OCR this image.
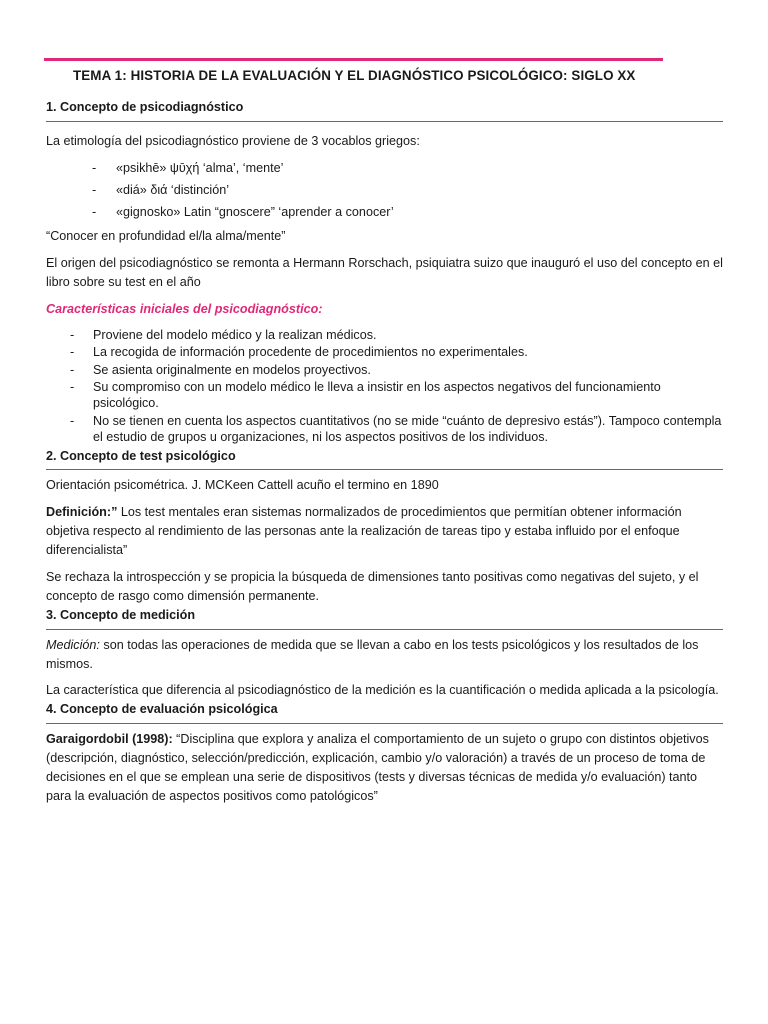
TEMA 1: HISTORIA DE LA EVALUACIÓN Y EL DIAGNÓSTICO PSICOLÓGICO: SIGLO XX
1. Concepto de psicodiagnóstico

La etimología del psicodiagnóstico proviene de 3 vocablos griegos:

- «psikhē» ψῡχή ‘alma’, ‘mente’
- «diá» διά ‘distinción’
- «gignosko» Latin “gnoscere” ‘aprender a conocer’

“Conocer en profundidad el/la alma/mente”

El origen del psicodiagnóstico se remonta a Hermann Rorschach, psiquiatra suizo que inauguró el uso del concepto en el libro sobre su test en el año

Características iniciales del psicodiagnóstico:

- Proviene del modelo médico y la realizan médicos.
- La recogida de información procedente de procedimientos no experimentales.
- Se asienta originalmente en modelos proyectivos.
- Su compromiso con un modelo médico le lleva a insistir en los aspectos negativos del funcionamiento psicológico.
- No se tienen en cuenta los aspectos cuantitativos (no se mide “cuánto de depresivo estás”). Tampoco contempla el estudio de grupos u organizaciones, ni los aspectos positivos de los individuos.
2. Concepto de test psicológico

Orientación psicométrica. J. MCKeen Cattell acuño el termino en 1890

Definición:” Los test mentales eran sistemas normalizados de procedimientos que permitían obtener información objetiva respecto al rendimiento de las personas ante la realización de tareas tipo y estaba influido por el enfoque diferencialista”

Se rechaza la introspección y se propicia la búsqueda de dimensiones tanto positivas como negativas del sujeto, y el concepto de rasgo como dimensión permanente.

3. Concepto de medición

Medición: son todas las operaciones de medida que se llevan a cabo en los tests psicológicos y los resultados de los mismos.

La característica que diferencia al psicodiagnóstico de la medición es la cuantificación o medida aplicada a la psicología.

4. Concepto de evaluación psicológica

Garaigordobil (1998): “Disciplina que explora y analiza el comportamiento de un sujeto o grupo con distintos objetivos (descripción, diagnóstico, selección/predicción, explicación, cambio y/o valoración) a través de un proceso de toma de decisiones en el que se emplean una serie de dispositivos (tests y diversas técnicas de medida y/o evaluación) tanto para la evaluación de aspectos positivos como patológicos”
